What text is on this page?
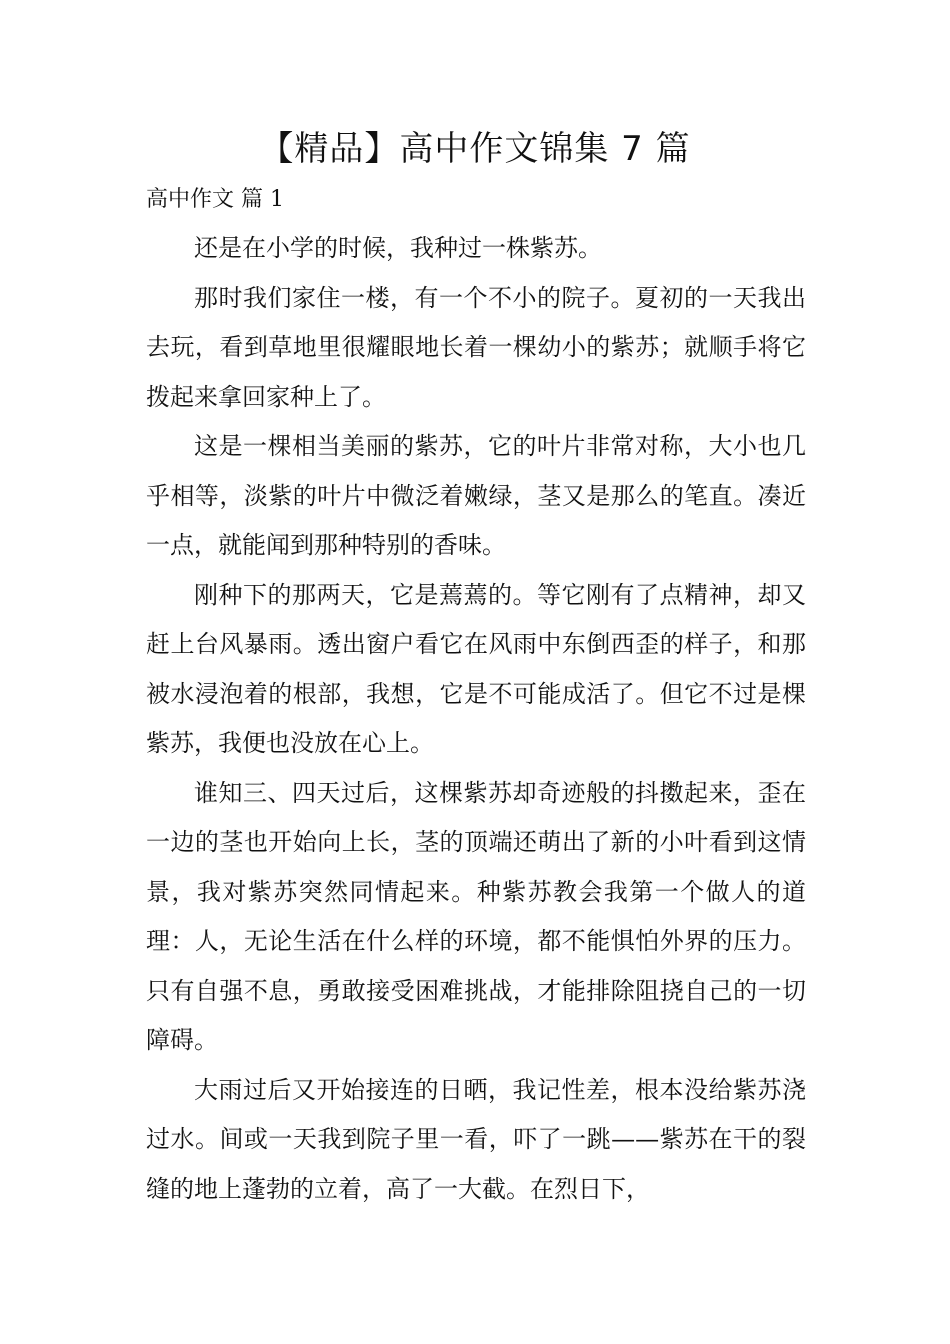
【精品】高中作文锦集 7 篇
高中作文 篇 1

还是在小学的时候，我种过一株紫苏。

那时我们家住一楼，有一个不小的院子。夏初的一天我出去玩，看到草地里很耀眼地长着一棵幼小的紫苏；就顺手将它拨起来拿回家种上了。

这是一棵相当美丽的紫苏，它的叶片非常对称，大小也几乎相等，淡紫的叶片中微泛着嫩绿，茎又是那么的笔直。凑近一点，就能闻到那种特别的香味。

刚种下的那两天，它是蔫蔫的。等它刚有了点精神，却又赶上台风暴雨。透出窗户看它在风雨中东倒西歪的样子，和那被水浸泡着的根部，我想，它是不可能成活了。但它不过是棵紫苏，我便也没放在心上。

谁知三、四天过后，这棵紫苏却奇迹般的抖擞起来，歪在一边的茎也开始向上长，茎的顶端还萌出了新的小叶看到这情景，我对紫苏突然同情起来。种紫苏教会我第一个做人的道理：人，无论生活在什么样的环境，都不能惧怕外界的压力。只有自强不息，勇敢接受困难挑战，才能排除阻挠自己的一切障碍。

大雨过后又开始接连的日晒，我记性差，根本没给紫苏浇过水。间或一天我到院子里一看，吓了一跳——紫苏在干的裂缝的地上蓬勃的立着，高了一大截。在烈日下，
